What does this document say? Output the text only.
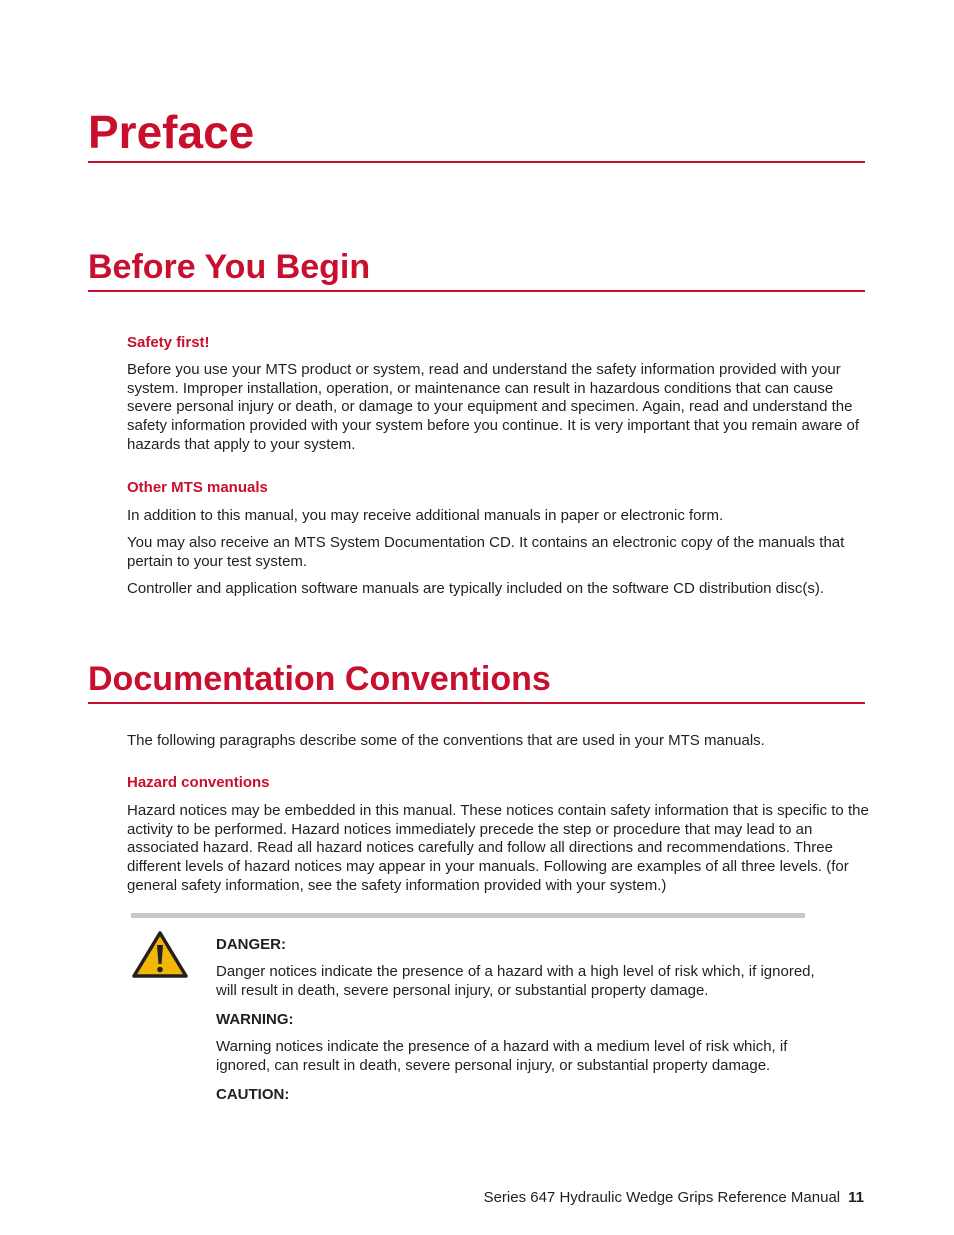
Preface
Before You Begin
Safety first!

Before you use your MTS product or system, read and understand the safety information provided with your system. Improper installation, operation, or maintenance can result in hazardous conditions that can cause severe personal injury or death, or damage to your equipment and specimen. Again, read and understand the safety information provided with your system before you continue. It is very important that you remain aware of hazards that apply to your system.

Other MTS manuals

In addition to this manual, you may receive additional manuals in paper or electronic form.

You may also receive an MTS System Documentation CD. It contains an electronic copy of the manuals that pertain to your test system.

Controller and application software manuals are typically included on the software CD distribution disc(s).

Documentation Conventions

The following paragraphs describe some of the conventions that are used in your MTS manuals.

Hazard conventions

Hazard notices may be embedded in this manual. These notices contain safety information that is specific to the activity to be performed. Hazard notices immediately precede the step or procedure that may lead to an associated hazard. Read all hazard notices carefully and follow all directions and recommendations. Three different levels of hazard notices may appear in your manuals. Following are examples of all three levels. (for general safety information, see the safety information provided with your system.)

DANGER:

Danger notices indicate the presence of a hazard with a high level of risk which, if ignored, will result in death, severe personal injury, or substantial property damage.

WARNING:

Warning notices indicate the presence of a hazard with a medium level of risk which, if ignored, can result in death, severe personal injury, or substantial property damage.

CAUTION:
Series 647 Hydraulic Wedge Grips Reference Manual 11
